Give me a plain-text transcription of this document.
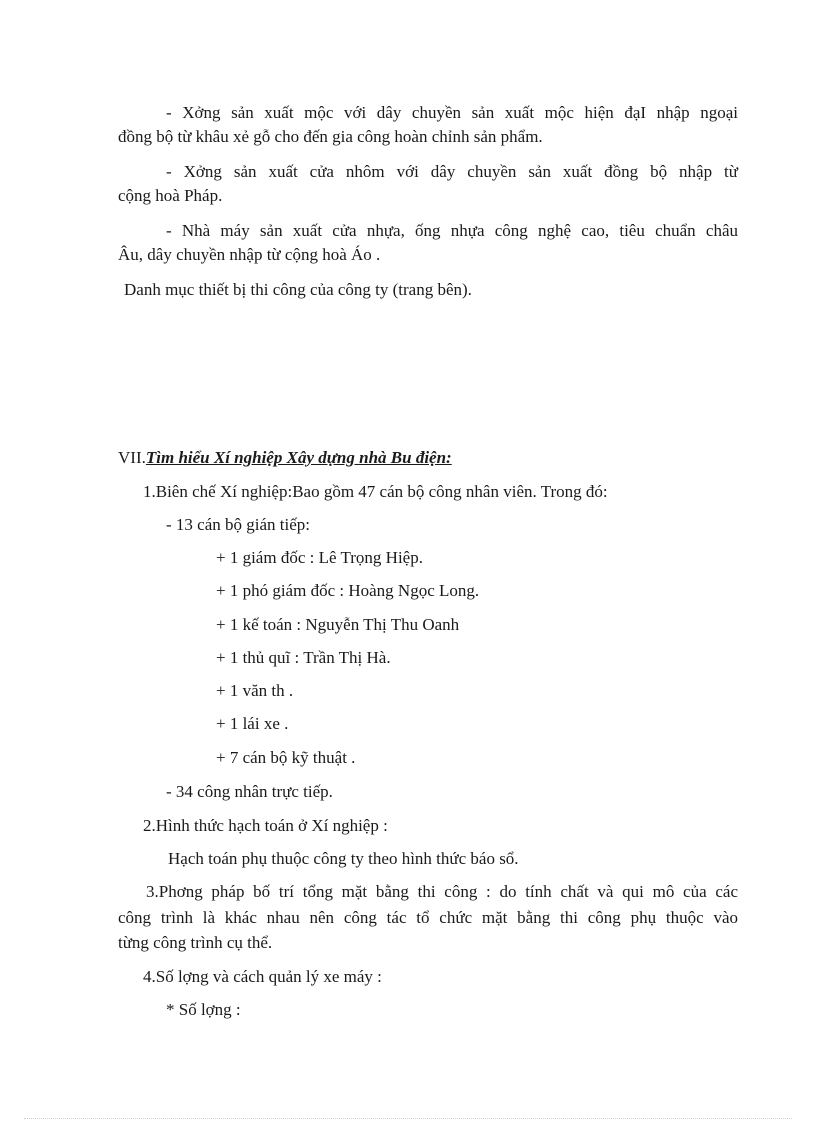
- Xởng sản xuất mộc với dây chuyền sản xuất mộc hiện đạI nhập ngoại
đồng bộ từ khâu xẻ gỗ cho đến gia công hoàn chỉnh sản phẩm.
- Xởng sản xuất cửa nhôm với dây chuyền sản xuất đồng bộ nhập từ
cộng hoà Pháp.
- Nhà máy sản xuất cửa nhựa, ống nhựa công nghệ cao, tiêu chuẩn châu
Âu, dây chuyền nhập từ cộng hoà Áo .
Danh mục thiết bị thi công của công ty (trang bên).
VII.Tìm hiểu Xí nghiệp Xây dựng nhà Bu điện:
1.Biên chế Xí nghiệp:Bao gồm 47 cán bộ công nhân viên. Trong đó:
- 13 cán bộ gián tiếp:
+ 1 giám đốc : Lê Trọng Hiệp.
+ 1 phó giám đốc : Hoàng Ngọc Long.
+ 1 kế toán : Nguyễn Thị Thu Oanh
+ 1 thủ quĩ : Trần Thị Hà.
+ 1 văn th .
+ 1 lái xe .
+ 7 cán bộ kỹ thuật .
- 34 công nhân trực tiếp.
2.Hình thức hạch toán ở Xí nghiệp :
Hạch toán phụ thuộc công ty theo hình thức báo sổ.
3.Phơng pháp bố trí tổng mặt bằng thi công : do tính chất và qui mô của các
công trình là khác nhau nên công tác tổ chức mặt bằng thi công phụ thuộc vào
từng công trình cụ thể.
4.Số lợng và cách quản lý xe máy :
* Số lợng :
